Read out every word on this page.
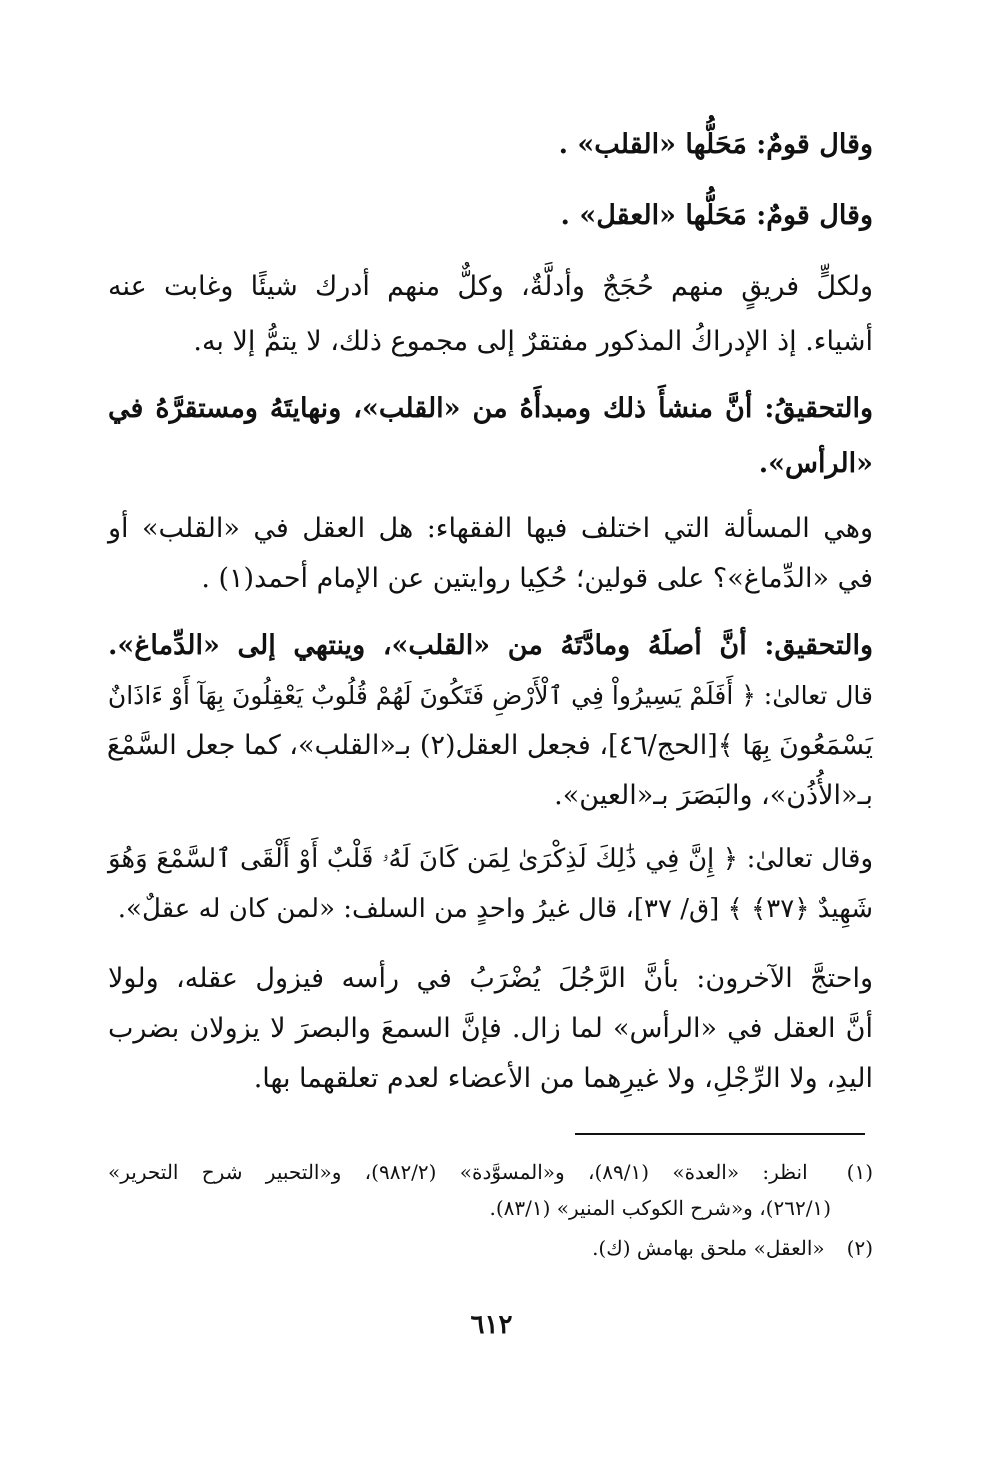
وقال قومٌ: مَحَلُّها «القلب» .
وقال قومٌ: مَحَلُّها «العقل» .
ولكلٍّ فريقٍ منهم حُجَجٌ وأدلَّةٌ، وكلٌّ منهم أدرك شيئًا وغابت عنه
أشياء. إذ الإدراكُ المذكور مفتقرٌ إلى مجموع ذلك، لا يتمُّ إلا به.
والتحقيقُ: أنَّ منشأَ ذلك ومبدأَهُ من «القلب»، ونهايتَهُ ومستقرَّهُ في
«الرأس».
وهي المسألة التي اختلف فيها الفقهاء: هل العقل في «القلب» أو
في «الدِّماغ»؟ على قولين؛ حُكِيا روايتين عن الإمام أحمد(١) .
والتحقيق: أنَّ أصلَهُ ومادَّتَهُ من «القلب»، وينتهي إلى «الدِّماغ».
قال تعالىٰ: ﴿ أَفَلَمْ يَسِيرُواْ فِي ٱلْأَرْضِ فَتَكُونَ لَهُمْ قُلُوبٌ يَعْقِلُونَ بِهَآ أَوْ ءَاذَانٌ
يَسْمَعُونَ بِهَا ﴾[الحج/٤٦]، فجعل العقل(٢) بـ«القلب»، كما جعل السَّمْعَ
بـ«الأُذُن»، والبَصَرَ بـ«العين».
وقال تعالىٰ: ﴿ إِنَّ فِي ذَٰلِكَ لَذِكْرَىٰ لِمَن كَانَ لَهُۥ قَلْبٌ أَوْ أَلْقَى ٱلسَّمْعَ وَهُوَ
شَهِيدٌ ﴿٣٧﴾ ﴾ [ق/ ٣٧]، قال غيرُ واحدٍ من السلف: «لمن كان له عقلٌ».
واحتجَّ الآخرون: بأنَّ الرَّجُلَ يُضْرَبُ في رأسه فيزول عقله، ولولا
أنَّ العقل في «الرأس» لما زال. فإنَّ السمعَ والبصرَ لا يزولان بضرب
اليدِ، ولا الرِّجْلِ، ولا غيرِهما من الأعضاء لعدم تعلقهما بها.
(١) انظر: «العدة» (٨٩/١)، و«المسوَّدة» (٩٨٢/٢)، و«التحبير شرح التحرير»
(٢٦٢/١)، و«شرح الكوكب المنير» (٨٣/١).
(٢) «العقل» ملحق بهامش (ك).
٦١٢
